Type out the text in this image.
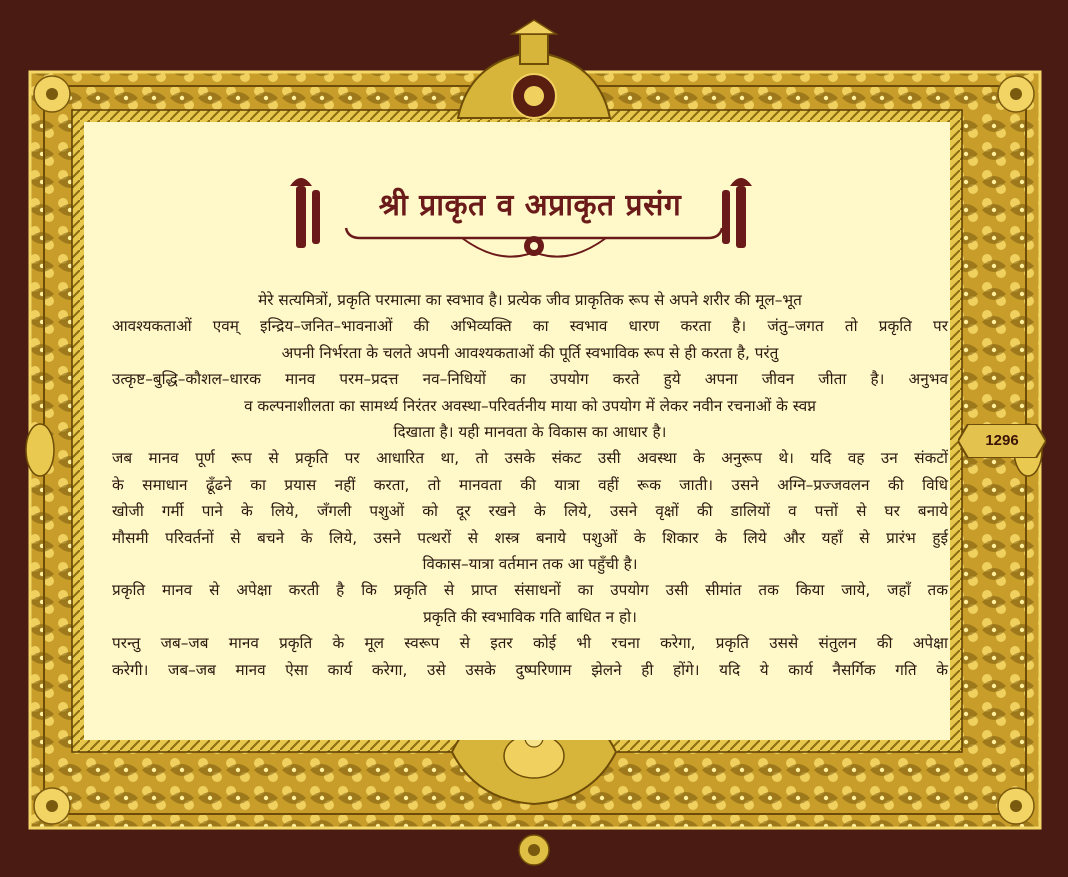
श्री समर्थ सिंदु विचार
श्री प्राकृत व अप्राकृत प्रसंग
1296

मेरे सत्यमित्रों, प्रकृति परमात्मा का स्वभाव है। प्रत्येक जीव प्राकृतिक रूप से अपने शरीर की मूल–भूत

आवश्यकताओं एवम् इन्द्रिय–जनित–भावनाओं की अभिव्यक्ति का स्वभाव धारण करता है। जंतु–जगत तो प्रकृति पर

अपनी निर्भरता के चलते अपनी आवश्यकताओं की पूर्ति स्वभाविक रूप से ही करता है, परंतु

उत्कृष्ट–बुद्धि–कौशल–धारक मानव परम–प्रदत्त नव–निधियों का उपयोग करते हुये अपना जीवन जीता है। अनुभव

व कल्पनाशीलता का सामर्थ्य निरंतर अवस्था–परिवर्तनीय माया को उपयोग में लेकर नवीन रचनाओं के स्वप्न

दिखाता है। यही मानवता के विकास का आधार है।

जब मानव पूर्ण रूप से प्रकृति पर आधारित था, तो उसके संकट उसी अवस्था के अनुरूप थे। यदि वह उन संकटों

के समाधान ढूँढने का प्रयास नहीं करता, तो मानवता की यात्रा वहीं रूक जाती। उसने अग्नि–प्रज्जवलन की विधि

खोजी गर्मी पाने के लिये, जँगली पशुओं को दूर रखने के लिये, उसने वृक्षों की डालियों व पत्तों से घर बनाये

मौसमी परिवर्तनों से बचने के लिये, उसने पत्थरों से शस्त्र बनाये पशुओं के शिकार के लिये और यहाँ से प्रारंभ हुई

विकास–यात्रा वर्तमान तक आ पहुँची है।

प्रकृति मानव से अपेक्षा करती है कि प्रकृति से प्राप्त संसाधनों का उपयोग उसी सीमांत तक किया जाये, जहाँ तक

प्रकृति की स्वभाविक गति बाधित न हो।

परन्तु जब–जब मानव प्रकृति के मूल स्वरूप से इतर कोई भी रचना करेगा, प्रकृति उससे संतुलन की अपेक्षा

करेगी। जब–जब मानव ऐसा कार्य करेगा, उसे उसके दुष्परिणाम झेलने ही होंगे। यदि ये कार्य नैसर्गिक गति के
